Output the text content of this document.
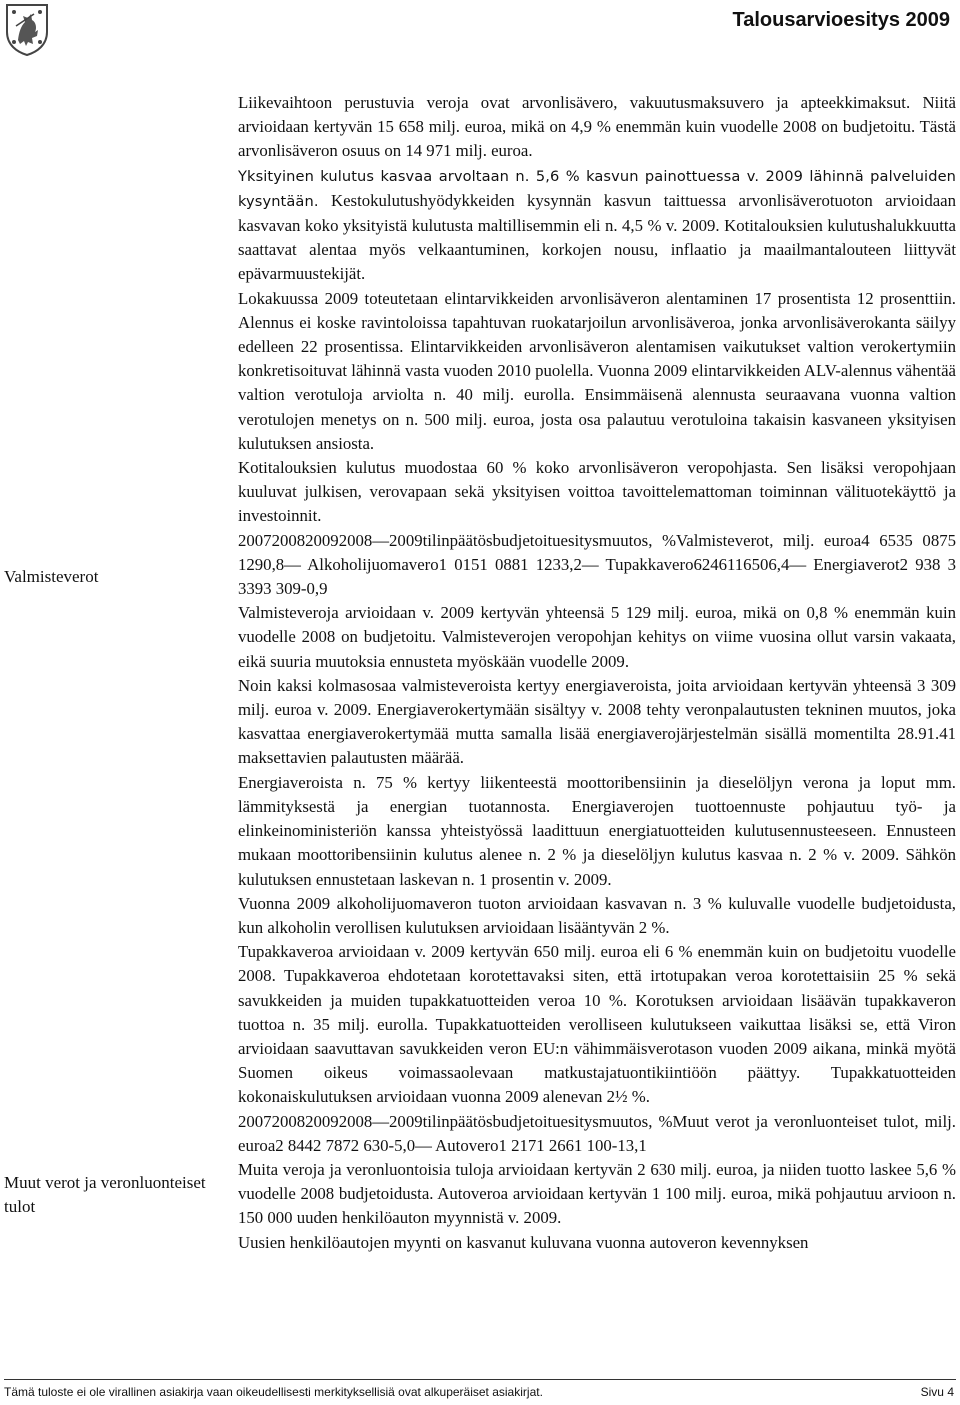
Talousarvioesitys 2009
Valmisteverot
Muut verot ja veronluonteiset tulot

Liikevaihtoon perustuvia veroja ovat arvonlisävero, vakuutusmaksuvero ja apteekkimaksut. Niitä arvioidaan kertyvän 15 658 milj. euroa, mikä on 4,9 % enemmän kuin vuodelle 2008 on budjetoitu. Tästä arvonlisäveron osuus on 14 971 milj. euroa.

Yksityinen kulutus kasvaa arvoltaan n. 5,6 % kasvun painottuessa v. 2009 lähinnä palveluiden kysyntään. Kestokulutushyödykkeiden kysynnän kasvun taittuessa arvonlisäverotuoton arvioidaan kasvavan koko yksityistä kulutusta maltillisemmin eli n. 4,5 % v. 2009. Kotitalouksien kulutushalukkuutta saattavat alentaa myös velkaantuminen, korkojen nousu, inflaatio ja maailmantalouteen liittyvät epävarmuustekijät.

Lokakuussa 2009 toteutetaan elintarvikkeiden arvonlisäveron alentaminen 17 prosentista 12 prosenttiin. Alennus ei koske ravintoloissa tapahtuvan ruokatarjoilun arvonlisäveroa, jonka arvonlisäverokanta säilyy edelleen 22 prosentissa. Elintarvikkeiden arvonlisäveron alentamisen vaikutukset valtion verokertymiin konkretisoituvat lähinnä vasta vuoden 2010 puolella. Vuonna 2009 elintarvikkeiden ALV-alennus vähentää valtion verotuloja arviolta n. 40 milj. eurolla. Ensimmäisenä alennusta seuraavana vuonna valtion verotulojen menetys on n. 500 milj. euroa, josta osa palautuu verotuloina takaisin kasvaneen yksityisen kulutuksen ansiosta.

Kotitalouksien kulutus muodostaa 60 % koko arvonlisäveron veropohjasta. Sen lisäksi veropohjaan kuuluvat julkisen, verovapaan sekä yksityisen voittoa tavoittelemattoman toiminnan välituotekäyttö ja investoinnit.

2007200820092008—2009tilinpäätösbudjetoituesitysmuutos, %Valmisteverot, milj. euroa4 6535 0875 1290,8— Alkoholijuomavero1 0151 0881 1233,2— Tupakkavero6246116506,4— Energiaverot2 938 3 3393 309-0,9

Valmisteveroja arvioidaan v. 2009 kertyvän yhteensä 5 129 milj. euroa, mikä on 0,8 % enemmän kuin vuodelle 2008 on budjetoitu. Valmisteverojen veropohjan kehitys on viime vuosina ollut varsin vakaata, eikä suuria muutoksia ennusteta myöskään vuodelle 2009.

Noin kaksi kolmasosaa valmisteveroista kertyy energiaveroista, joita arvioidaan kertyvän yhteensä 3 309 milj. euroa v. 2009. Energiaverokertymään sisältyy v. 2008 tehty veronpalautusten tekninen muutos, joka kasvattaa energiaverokertymää mutta samalla lisää energiaverojärjestelmän sisällä momentilta 28.91.41 maksettavien palautusten määrää.

Energiaveroista n. 75 % kertyy liikenteestä moottoribensiinin ja dieselöljyn verona ja loput mm. lämmityksestä ja energian tuotannosta. Energiaverojen tuottoennuste pohjautuu työ- ja elinkeinoministeriön kanssa yhteistyössä laadittuun energiatuotteiden kulutusennusteeseen. Ennusteen mukaan moottoribensiinin kulutus alenee n. 2 % ja dieselöljyn kulutus kasvaa n. 2 % v. 2009. Sähkön kulutuksen ennustetaan laskevan n. 1 prosentin v. 2009.

Vuonna 2009 alkoholijuomaveron tuoton arvioidaan kasvavan n. 3 % kuluvalle vuodelle budjetoidusta, kun alkoholin verollisen kulutuksen arvioidaan lisääntyvän 2 %.

Tupakkaveroa arvioidaan v. 2009 kertyvän 650 milj. euroa eli 6 % enemmän kuin on budjetoitu vuodelle 2008. Tupakkaveroa ehdotetaan korotettavaksi siten, että irtotupakan veroa korotettaisiin 25 % sekä savukkeiden ja muiden tupakkatuotteiden veroa 10 %. Korotuksen arvioidaan lisäävän tupakkaveron tuottoa n. 35 milj. eurolla. Tupakkatuotteiden verolliseen kulutukseen vaikuttaa lisäksi se, että Viron arvioidaan saavuttavan savukkeiden veron EU:n vähimmäisverotason vuoden 2009 aikana, minkä myötä Suomen oikeus voimassaolevaan matkustajatuontikiintiöön päättyy. Tupakkatuotteiden kokonaiskulutuksen arvioidaan vuonna 2009 alenevan 2½ %.

2007200820092008—2009tilinpäätösbudjetoituesitysmuutos, %Muut verot ja veronluonteiset tulot, milj. euroa2 8442 7872 630-5,0— Autovero1 2171 2661 100-13,1

Muita veroja ja veronluontoisia tuloja arvioidaan kertyvän 2 630 milj. euroa, ja niiden tuotto laskee 5,6 % vuodelle 2008 budjetoidusta. Autoveroa arvioidaan kertyvän 1 100 milj. euroa, mikä pohjautuu arvioon n. 150 000 uuden henkilöauton myynnistä v. 2009.

Uusien henkilöautojen myynti on kasvanut kuluvana vuonna autoveron kevennyksen

Tämä tuloste ei ole virallinen asiakirja vaan oikeudellisesti merkityksellisiä ovat alkuperäiset asiakirjat.	Sivu 4
